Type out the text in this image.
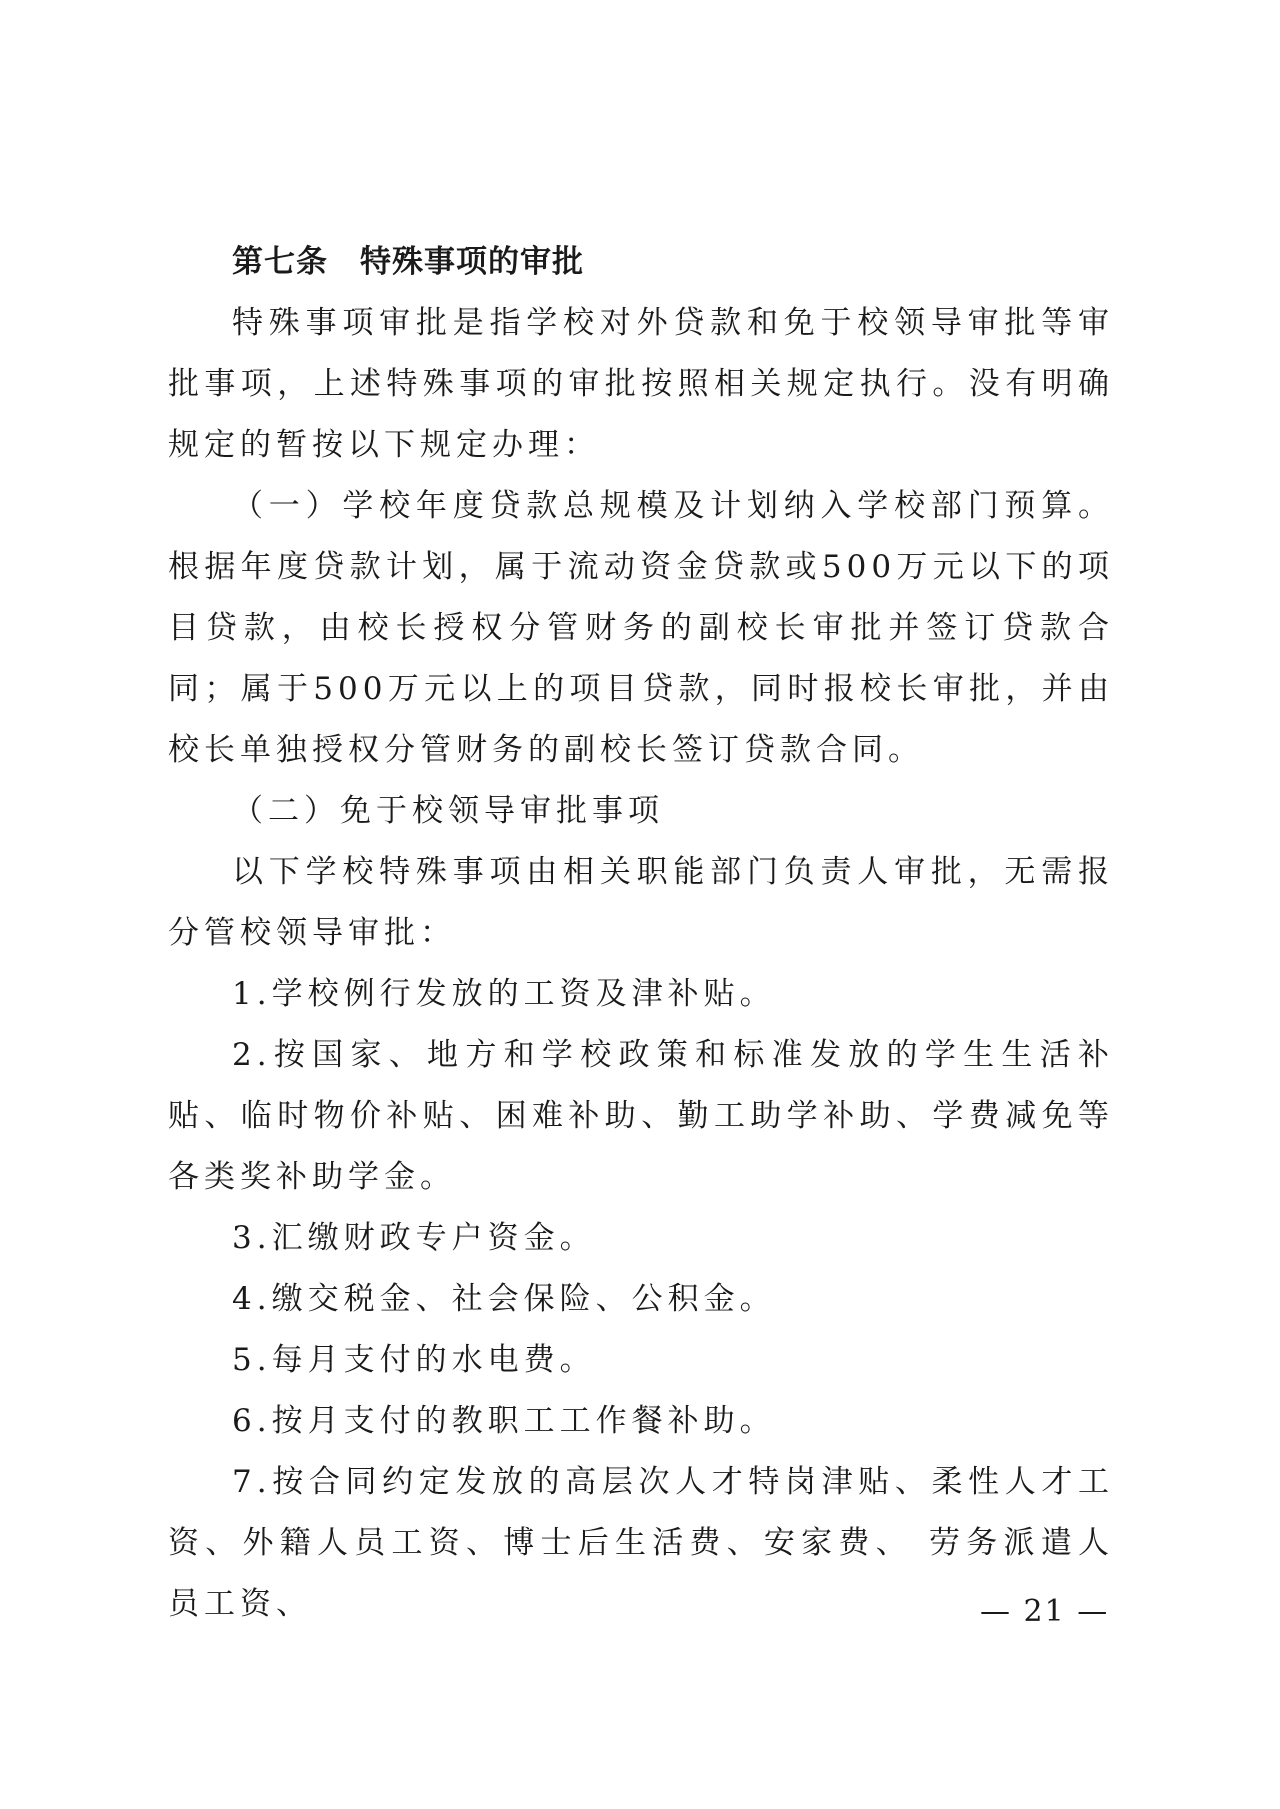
第七条　特殊事项的审批

特殊事项审批是指学校对外贷款和免于校领导审批等审批事项，上述特殊事项的审批按照相关规定执行。没有明确规定的暂按以下规定办理：

（一）学校年度贷款总规模及计划纳入学校部门预算。根据年度贷款计划，属于流动资金贷款或500万元以下的项目贷款，由校长授权分管财务的副校长审批并签订贷款合同；属于500万元以上的项目贷款，同时报校长审批，并由校长单独授权分管财务的副校长签订贷款合同。

（二）免于校领导审批事项

以下学校特殊事项由相关职能部门负责人审批，无需报分管校领导审批：

1.学校例行发放的工资及津补贴。

2.按国家、地方和学校政策和标准发放的学生生活补贴、临时物价补贴、困难补助、勤工助学补助、学费减免等各类奖补助学金。

3.汇缴财政专户资金。

4.缴交税金、社会保险、公积金。

5.每月支付的水电费。

6.按月支付的教职工工作餐补助。

7.按合同约定发放的高层次人才特岗津贴、柔性人才工资、外籍人员工资、博士后生活费、安家费、 劳务派遣人员工资、	— 21 —
